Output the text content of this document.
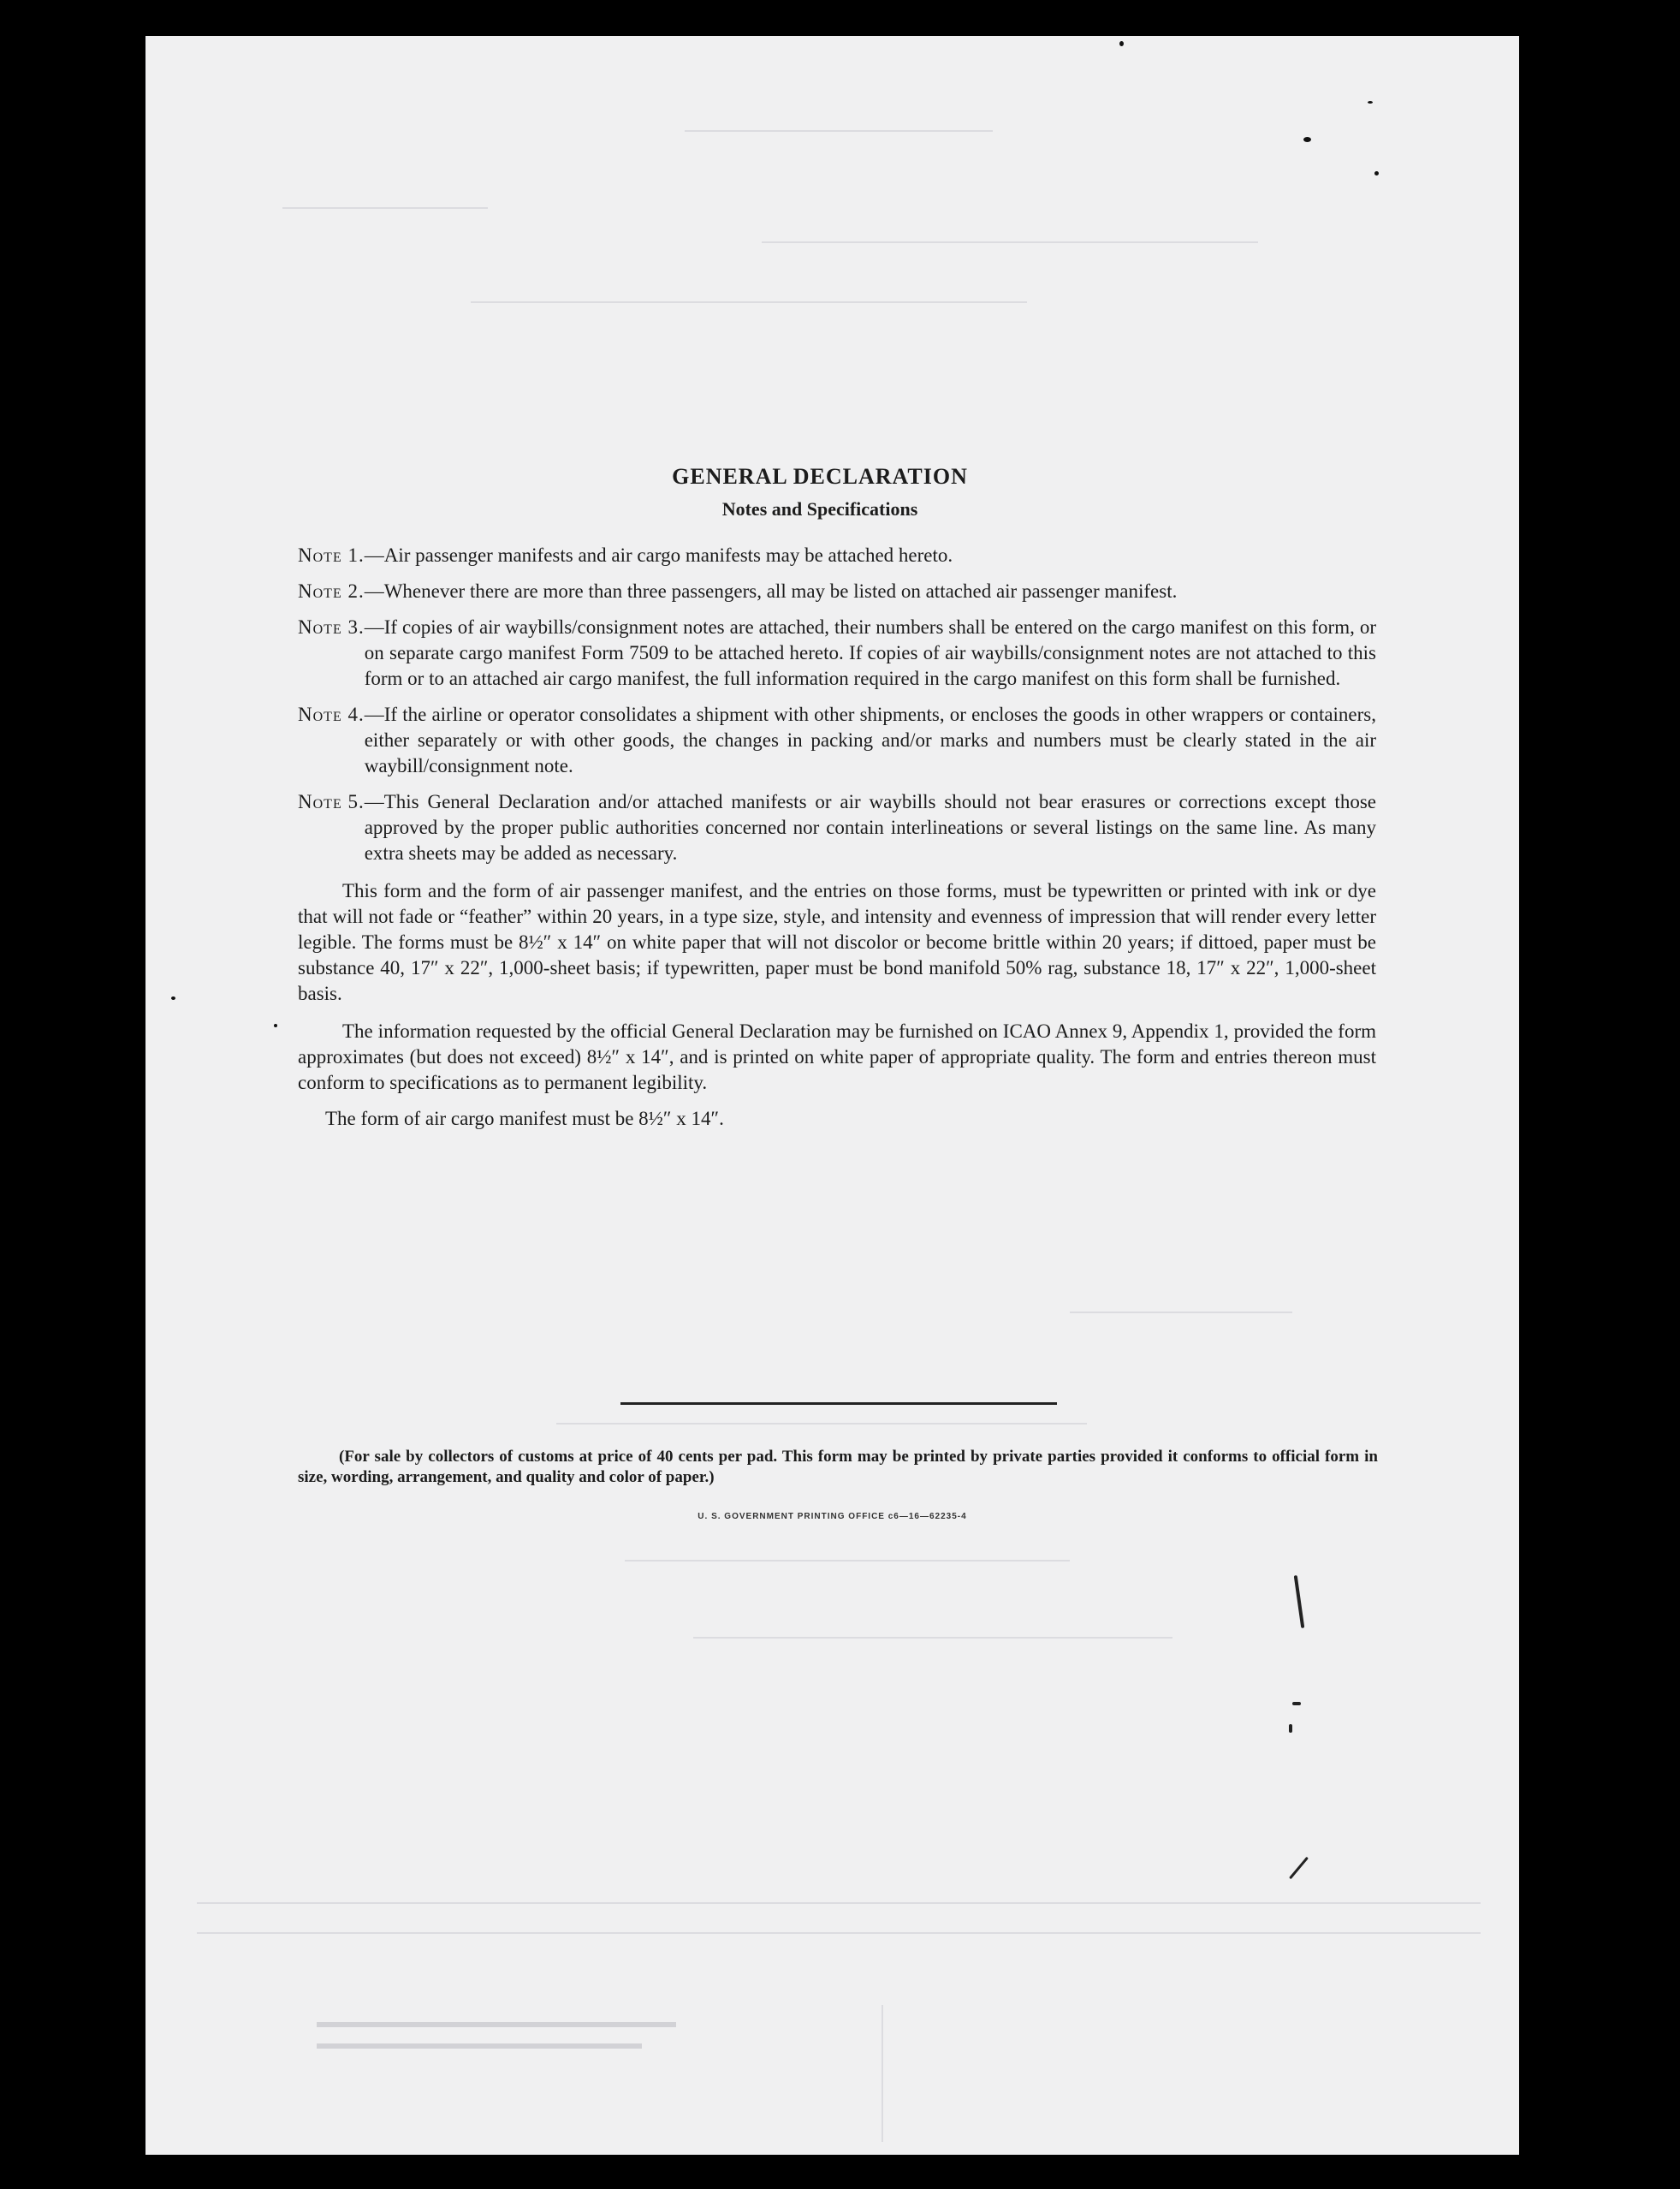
GENERAL DECLARATION
Notes and Specifications
Note 1. —Air passenger manifests and air cargo manifests may be attached hereto.
Note 2. —Whenever there are more than three passengers, all may be listed on attached air passenger manifest.
Note 3. —If copies of air waybills/consignment notes are attached, their numbers shall be entered on the cargo manifest on this form, or on separate cargo manifest Form 7509 to be attached hereto. If copies of air waybills/consignment notes are not attached to this form or to an attached air cargo manifest, the full information required in the cargo manifest on this form shall be furnished.
Note 4. —If the airline or operator consolidates a shipment with other shipments, or encloses the goods in other wrappers or containers, either separately or with other goods, the changes in packing and/or marks and numbers must be clearly stated in the air waybill/consignment note.
Note 5. —This General Declaration and/or attached manifests or air waybills should not bear erasures or corrections except those approved by the proper public authorities concerned nor contain interlineations or several listings on the same line. As many extra sheets may be added as necessary.

This form and the form of air passenger manifest, and the entries on those forms, must be typewritten or printed with ink or dye that will not fade or “feather” within 20 years, in a type size, style, and intensity and evenness of impression that will render every letter legible. The forms must be 8½″ x 14″ on white paper that will not discolor or become brittle within 20 years; if dittoed, paper must be substance 40, 17″ x 22″, 1,000-sheet basis; if typewritten, paper must be bond manifold 50% rag, substance 18, 17″ x 22″, 1,000-sheet basis.

The information requested by the official General Declaration may be furnished on ICAO Annex 9, Appendix 1, provided the form approximates (but does not exceed) 8½″ x 14″, and is printed on white paper of appropriate quality. The form and entries thereon must conform to specifications as to permanent legibility.

The form of air cargo manifest must be 8½″ x 14″.

(For sale by collectors of customs at price of 40 cents per pad. This form may be printed by private parties provided it conforms to official form in size, wording, arrangement, and quality and color of paper.)
U. S. GOVERNMENT PRINTING OFFICE c6—16—62235-4
